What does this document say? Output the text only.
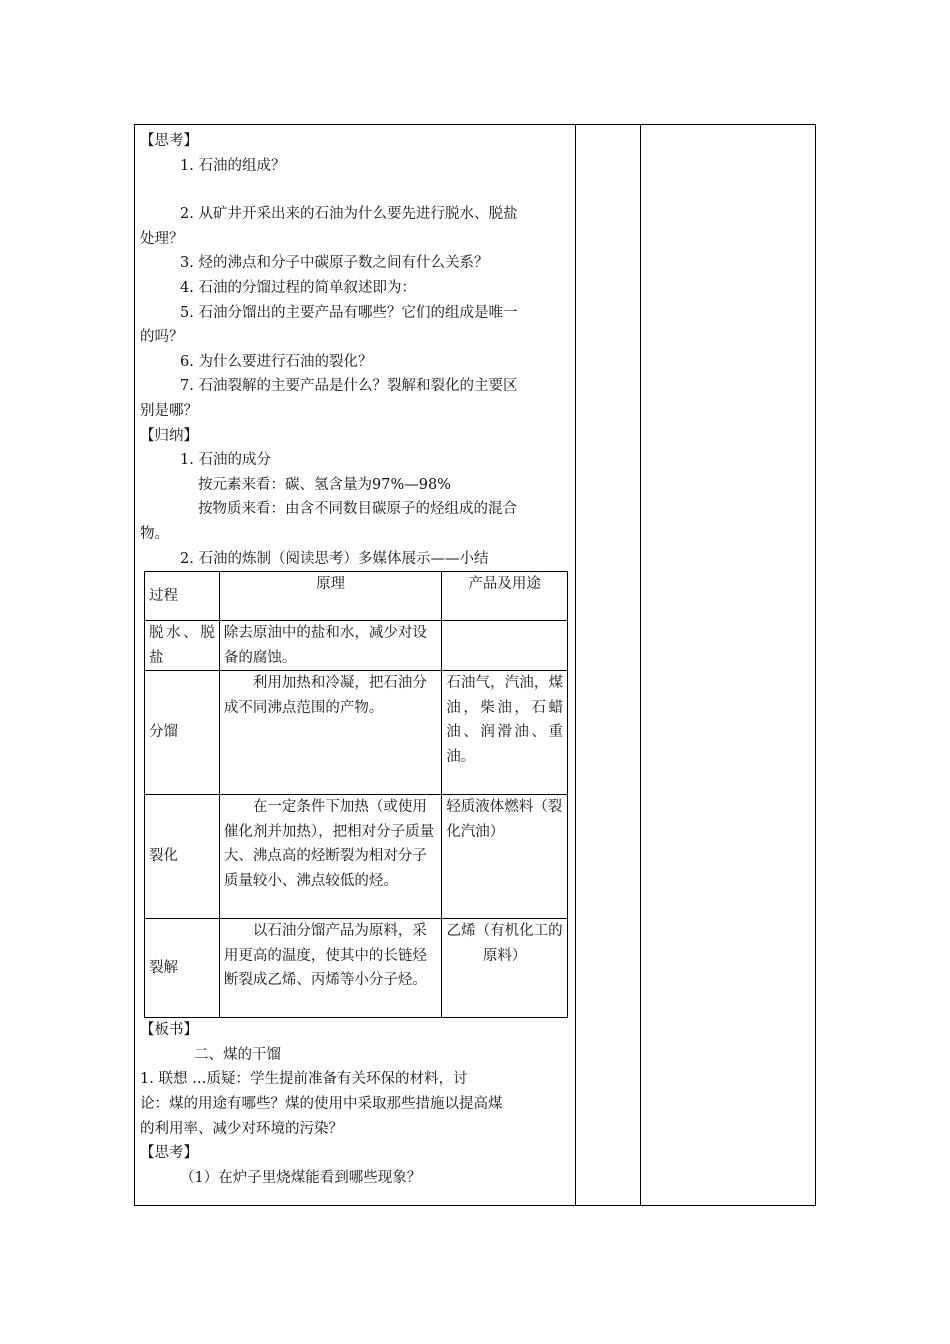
【思考】

1. 石油的组成？

2. 从矿井开采出来的石油为什么要先进行脱水、脱盐

处理？

3. 烃的沸点和分子中碳原子数之间有什么关系？

4. 石油的分馏过程的简单叙述即为：

5. 石油分馏出的主要产品有哪些？它们的组成是唯一

的吗？

6. 为什么要进行石油的裂化？

7. 石油裂解的主要产品是什么？裂解和裂化的主要区

别是哪？

【归纳】

1. 石油的成分

按元素来看：碳、氢含量为97%—98%

按物质来看：由含不同数目碳原子的烃组成的混合

物。

2. 石油的炼制（阅读思考）多媒体展示——小结

过程	原理	产品及用途
脱水、脱盐	除去原油中的盐和水，减少对设备的腐蚀。	
分馏	利用加热和冷凝，把石油分成不同沸点范围的产物。	石油气，汽油，煤油，柴油，石蜡油、润滑油、重油。
裂化	在一定条件下加热（或使用催化剂并加热），把相对分子质量大、沸点高的烃断裂为相对分子质量较小、沸点较低的烃。	轻质液体燃料（裂化汽油）
裂解	以石油分馏产品为原料，采用更高的温度，使其中的长链烃断裂成乙烯、丙烯等小分子烃。	乙烯（有机化工的原料）

【板书】

二、煤的干馏

1. 联想 …质疑：学生提前准备有关环保的材料，讨

论：煤的用途有哪些？煤的使用中采取那些措施以提高煤

的利用率、减少对环境的污染？

【思考】

（1）在炉子里烧煤能看到哪些现象？
